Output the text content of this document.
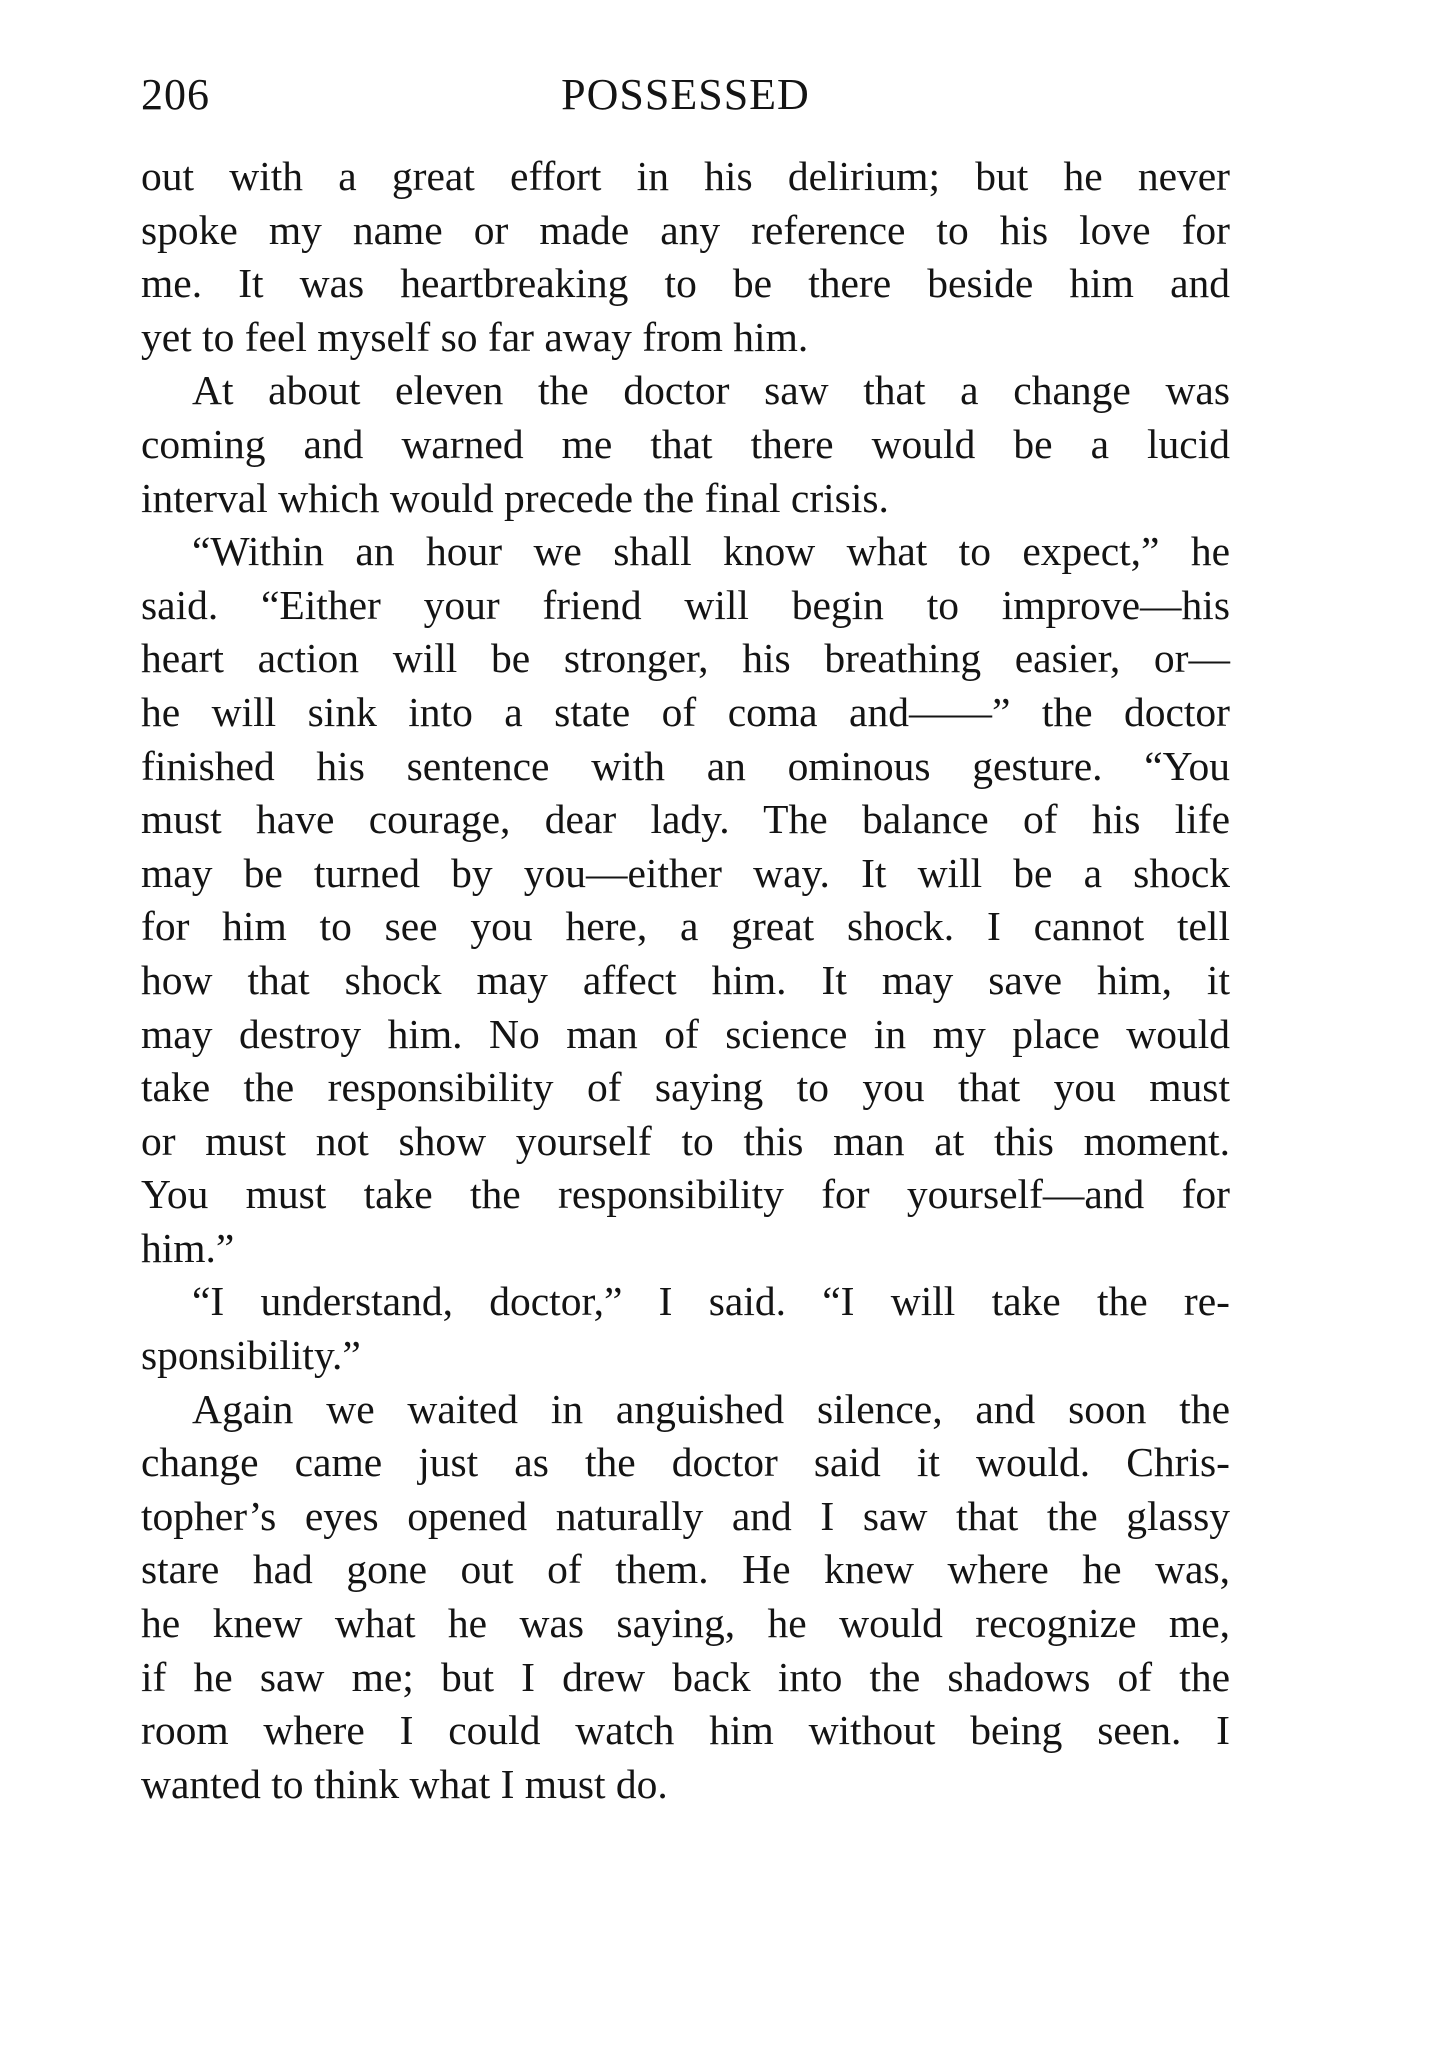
206	POSSESSED
out with a great effort in his delirium; but he never
spoke my name or made any reference to his love for
me. It was heartbreaking to be there beside him and
yet to feel myself so far away from him.
At about eleven the doctor saw that a change was
coming and warned me that there would be a lucid
interval which would precede the final crisis.
“Within an hour we shall know what to expect,” he
said. “Either your friend will begin to improve—his
heart action will be stronger, his breathing easier, or—
he will sink into a state of coma and——” the doctor
finished his sentence with an ominous gesture. “You
must have courage, dear lady. The balance of his life
may be turned by you—either way. It will be a shock
for him to see you here, a great shock. I cannot tell
how that shock may affect him. It may save him, it
may destroy him. No man of science in my place would
take the responsibility of saying to you that you must
or must not show yourself to this man at this moment.
You must take the responsibility for yourself—and for
him.”
“I understand, doctor,” I said. “I will take the re-
sponsibility.”
Again we waited in anguished silence, and soon the
change came just as the doctor said it would. Chris-
topher’s eyes opened naturally and I saw that the glassy
stare had gone out of them. He knew where he was,
he knew what he was saying, he would recognize me,
if he saw me; but I drew back into the shadows of the
room where I could watch him without being seen. I
wanted to think what I must do.
